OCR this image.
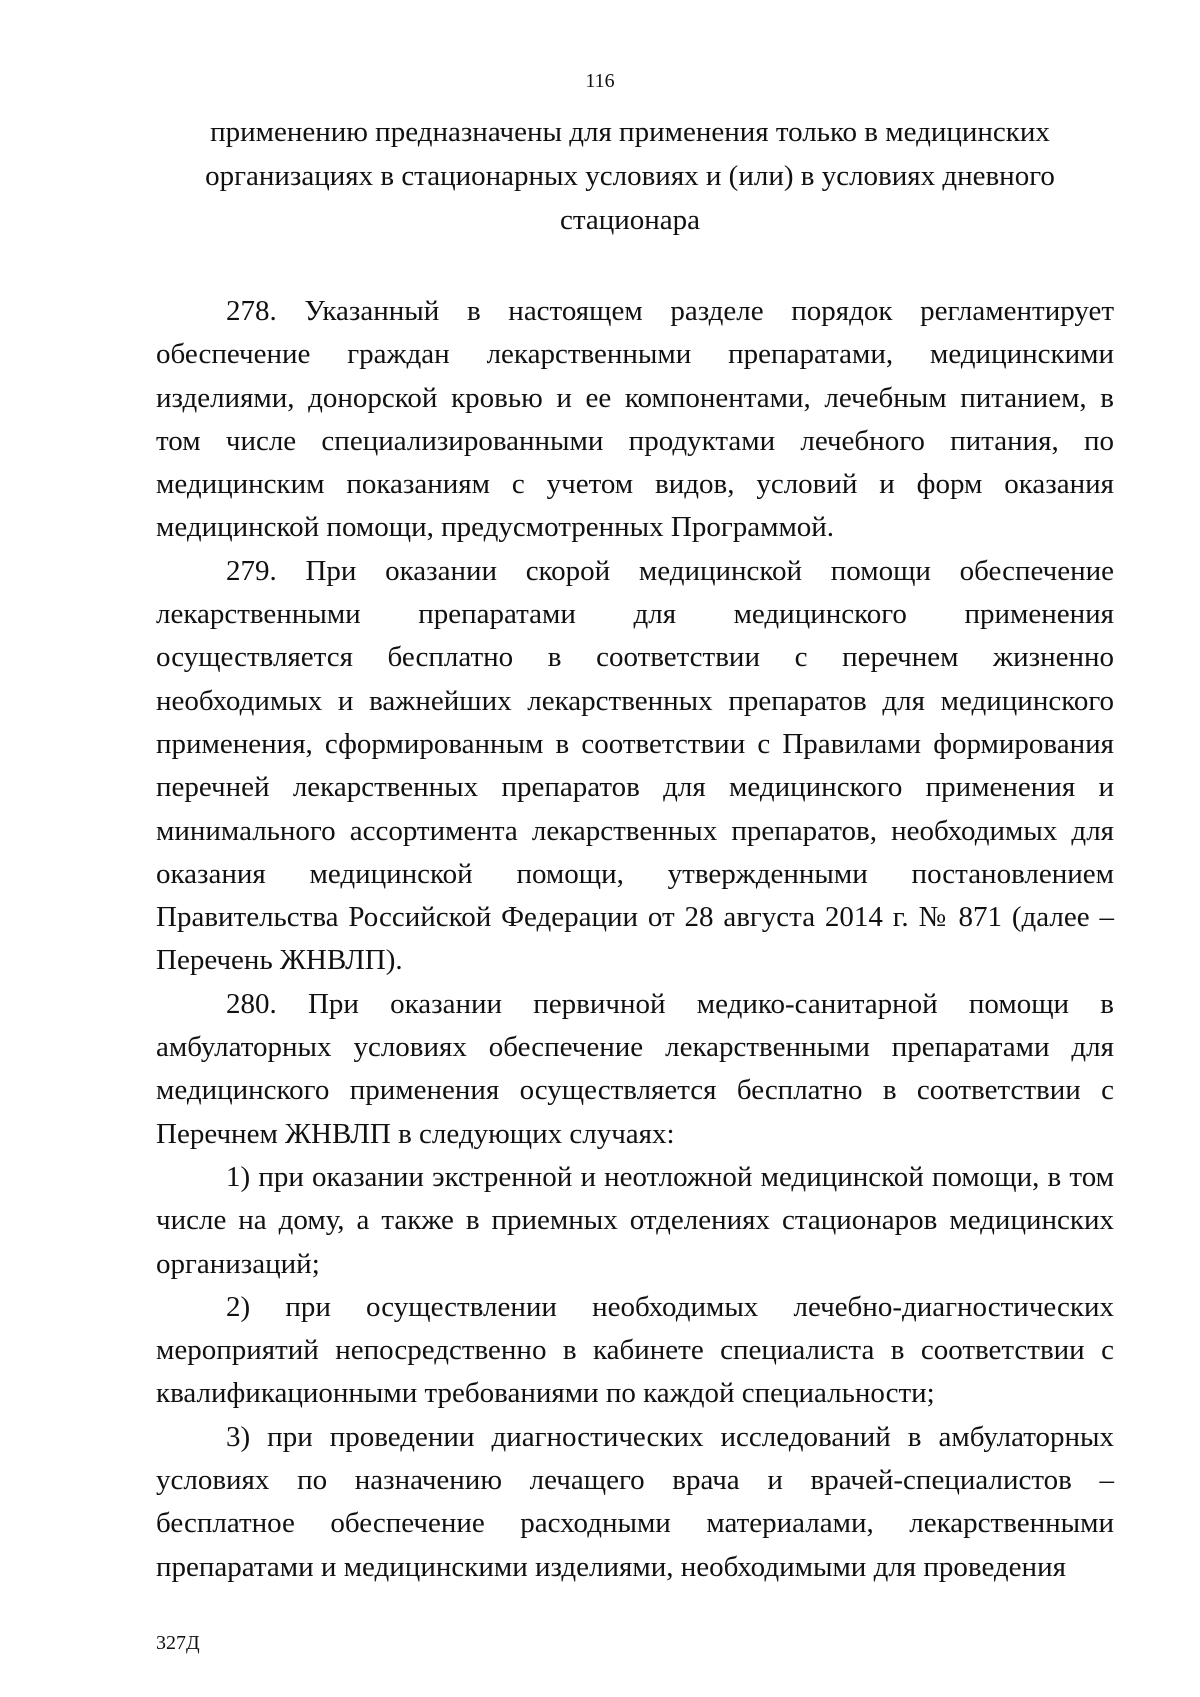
116
применению предназначены для применения только в медицинских
организациях в стационарных условиях и (или) в условиях дневного
стационара

278. Указанный в настоящем разделе порядок регламентирует обеспечение граждан лекарственными препаратами, медицинскими изделиями, донорской кровью и ее компонентами, лечебным питанием, в том числе специализированными продуктами лечебного питания, по медицинским показаниям с учетом видов, условий и форм оказания медицинской помощи, предусмотренных Программой.

279. При оказании скорой медицинской помощи обеспечение лекарственными препаратами для медицинского применения осуществляется бесплатно в соответствии с перечнем жизненно необходимых и важнейших лекарственных препаратов для медицинского применения, сформированным в соответствии с Правилами формирования перечней лекарственных препаратов для медицинского применения и минимального ассортимента лекарственных препаратов, необходимых для оказания медицинской помощи, утвержденными постановлением Правительства Российской Федерации от 28 августа 2014 г. № 871 (далее – Перечень ЖНВЛП).

280. При оказании первичной медико-санитарной помощи в амбулаторных условиях обеспечение лекарственными препаратами для медицинского применения осуществляется бесплатно в соответствии с Перечнем ЖНВЛП в следующих случаях:

1) при оказании экстренной и неотложной медицинской помощи, в том числе на дому, а также в приемных отделениях стационаров медицинских организаций;

2) при осуществлении необходимых лечебно-диагностических мероприятий непосредственно в кабинете специалиста в соответствии с квалификационными требованиями по каждой специальности;

3) при проведении диагностических исследований в амбулаторных условиях по назначению лечащего врача и врачей-специалистов – бесплатное обеспечение расходными материалами, лекарственными препаратами и медицинскими изделиями, необходимыми для проведения

327Д
